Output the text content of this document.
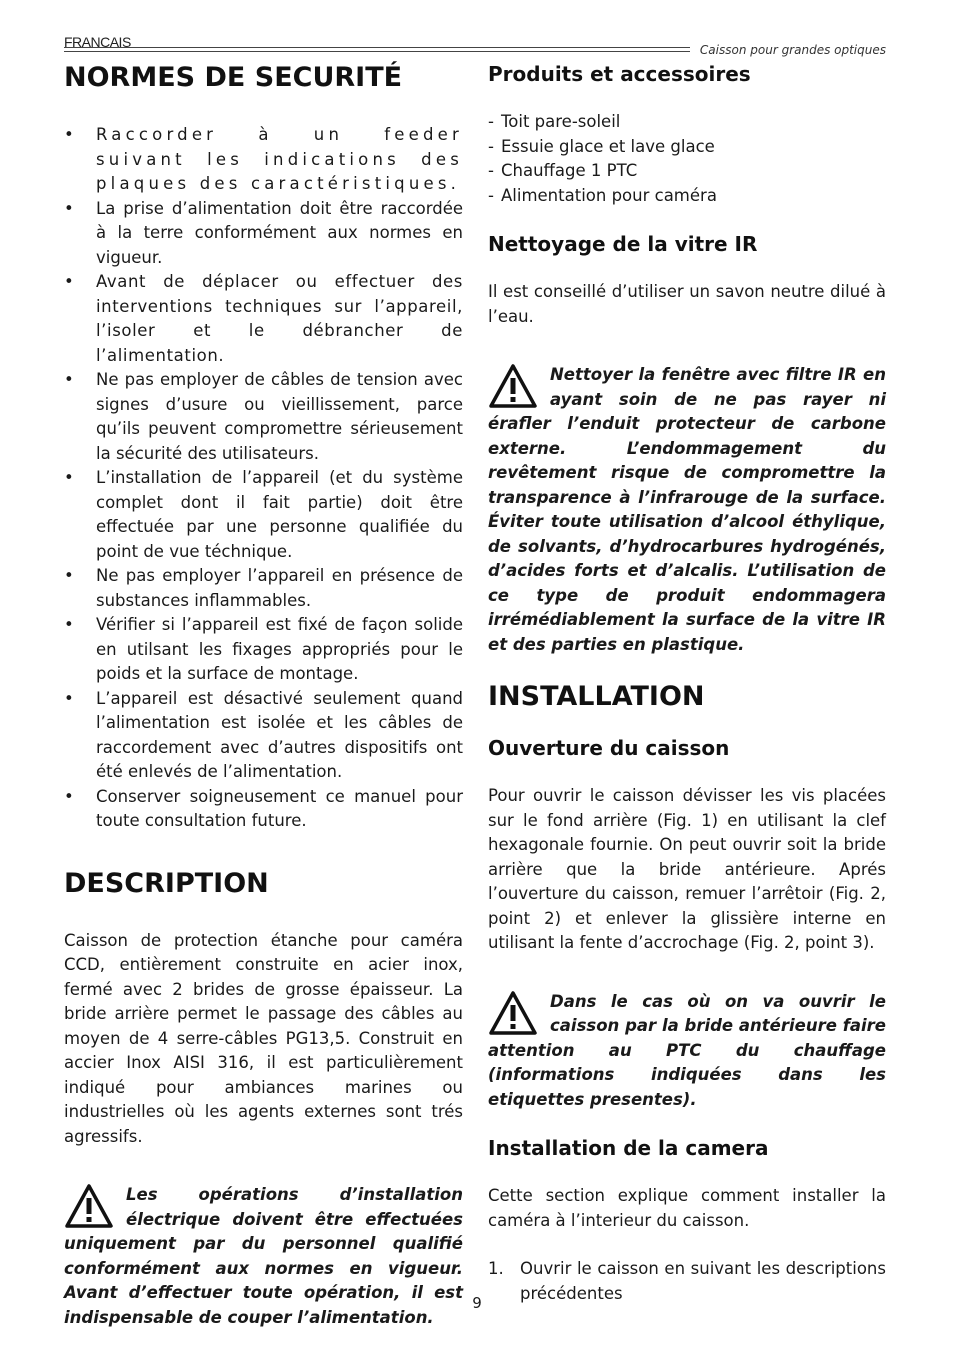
FRANCAIS	Caisson pour grandes optiques
NORMES DE SECURITÉ
• Raccorder à un feeder suivant les indications des plaques des caractéristiques.
• La prise d’alimentation doit être raccordée à la terre conformément aux normes en vigueur.
• Avant de déplacer ou effectuer des interventions techniques sur l’appareil, l’isoler et le débrancher de l’alimentation.
• Ne pas employer de câbles de tension avec signes d’usure ou vieillissement, parce qu’ils peuvent compromettre sérieusement la sécurité des utilisateurs.
• L’installation de l’appareil (et du système complet dont il fait partie) doit être effectuée par une personne qualifiée du point de vue téchnique.
• Ne pas employer l’appareil en présence de substances inflammables.
• Vérifier si l’appareil est fixé de façon solide en utilsant les fixages appropriés pour le poids et la surface de montage.
• L’appareil est désactivé seulement quand l’alimentation est isolée et les câbles de raccordement avec d’autres dispositifs ont été enlevés de l’alimentation.
• Conserver soigneusement ce manuel pour toute consultation future.
DESCRIPTION

Caisson de protection étanche pour caméra CCD, entièrement construite en acier inox, fermé avec 2 brides de grosse épaisseur. La bride arrière permet le passage des câbles au moyen de 4 serre-câbles PG13,5. Construit en accier Inox AISI 316, il est particulièrement indiqué pour ambiances marines ou industrielles où les agents externes sont trés agressifs.

Les opérations d’installation électrique doivent être effectuées uniquement par du personnel qualifié conformément aux normes en vigueur. Avant d’effectuer toute opération, il est indispensable de couper l’alimentation.
Produits et accessoires
- Toit pare-soleil
- Essuie glace et lave glace
- Chauffage 1 PTC
- Alimentation pour caméra
Nettoyage de la vitre IR

Il est conseillé d’utiliser un savon neutre dilué à l’eau.

Nettoyer la fenêtre avec filtre IR en ayant soin de ne pas rayer ni érafler l’enduit protecteur de carbone externe. L’endommagement du revêtement risque de compromettre la transparence à l’infrarouge de la surface. Éviter toute utilisation d’alcool éthylique, de solvants, d’hydrocarbures hydrogénés, d’acides forts et d’alcalis. L’utilisation de ce type de produit endommagera irrémédiablement la surface de la vitre IR et des parties en plastique.
INSTALLATION
Ouverture du caisson

Pour ouvrir le caisson dévisser les vis placées sur le fond arrière (Fig. 1) en utilisant la clef hexagonale fournie. On peut ouvrir soit la bride arrière que la bride antérieure. Aprés l’ouverture du caisson, remuer l’arrêtoir (Fig. 2, point 2) et enlever la glissière interne en utilisant la fente d’accrochage (Fig. 2, point 3).

Dans le cas où on va ouvrir le caisson par la bride antérieure faire attention au PTC du chauffage (informations indiquées dans les etiquettes presentes).
Installation de la camera

Cette section explique comment installer la caméra à l’interieur du caisson.

1. Ouvrir le caisson en suivant les descriptions précédentes
9
